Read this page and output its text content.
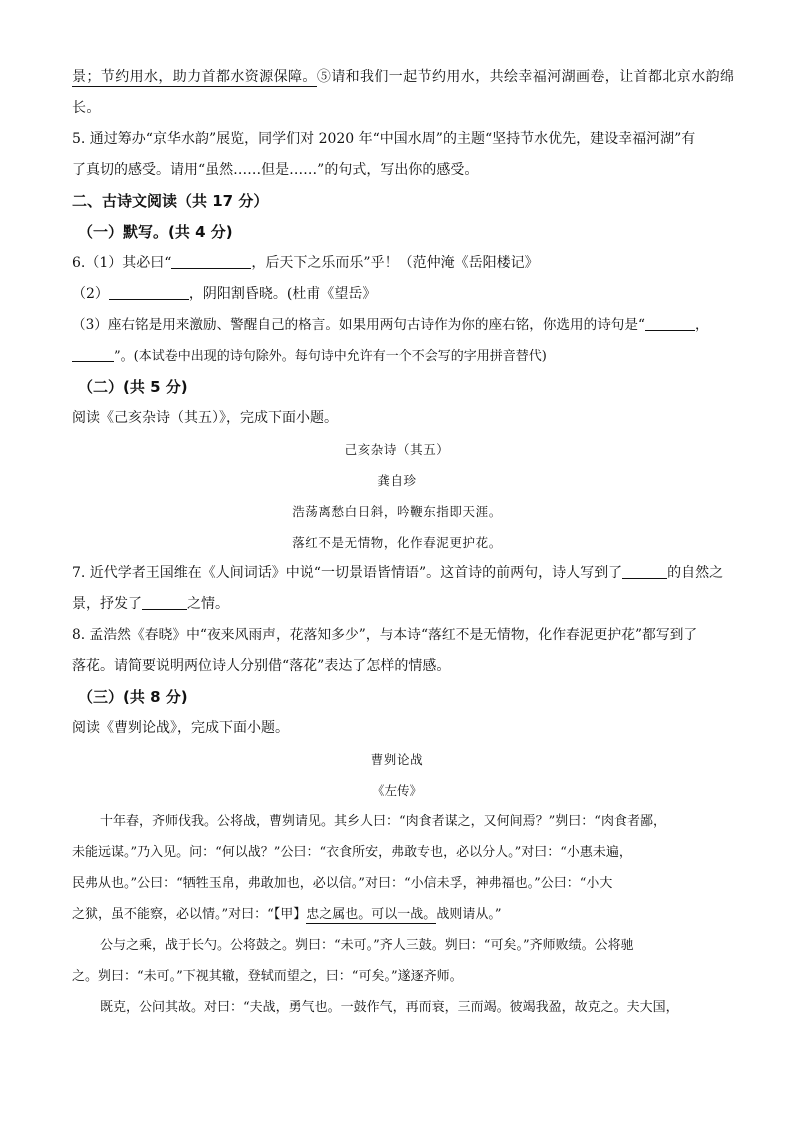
景；节约用水，助力首都水资源保障。⑤请和我们一起节约用水，共绘幸福河湖画卷，让首都北京水韵绵
长。
5. 通过筹办“京华水韵”展览，同学们对 2020 年“中国水周”的主题“坚持节水优先，建设幸福河湖”有
了真切的感受。请用“虽然……但是……”的句式，写出你的感受。
二、古诗文阅读（共 17 分）
（一）默写。(共 4 分)
6.（1）其必曰“	，后天下之乐而乐”乎！（范仲淹《岳阳楼记》
（2）	，阴阳割昏晓。(杜甫《望岳》
（3）座右铭是用来激励、警醒自己的格言。如果用两句古诗作为你的座右铭，你选用的诗句是“	，
”。(本试卷中出现的诗句除外。每句诗中允许有一个不会写的字用拼音替代)
（二）(共 5 分)
阅读《己亥杂诗（其五）》，完成下面小题。
己亥杂诗（其五）
龚自珍
浩荡离愁白日斜，吟鞭东指即天涯。
落红不是无情物，化作春泥更护花。
7. 近代学者王国维在《人间词话》中说“一切景语皆情语”。这首诗的前两句，诗人写到了	的自然之
景，抒发了	之情。
8. 孟浩然《春晓》中“夜来风雨声，花落知多少”，与本诗“落红不是无情物，化作春泥更护花”都写到了
落花。请简要说明两位诗人分别借“落花”表达了怎样的情感。
（三）(共 8 分)
阅读《曹刿论战》，完成下面小题。
曹刿论战
《左传》
十年春，齐师伐我。公将战，曹刿请见。其乡人曰：“肉食者谋之，又何间焉？”刿曰：“肉食者鄙，
未能远谋。”乃入见。问：“何以战？”公曰：“衣食所安，弗敢专也，必以分人。”对曰：“小惠未遍，
民弗从也。”公曰：“牺牲玉帛，弗敢加也，必以信。”对曰：“小信未孚，神弗福也。”公曰：“小大
之狱，虽不能察，必以情。”对曰：“【甲】忠之属也。可以一战。战则请从。”
公与之乘，战于长勺。公将鼓之。刿曰：“未可。”齐人三鼓。刿曰：“可矣。”齐师败绩。公将驰
之。刿曰：“未可。”下视其辙，登轼而望之，曰：“可矣。”遂逐齐师。
既克，公问其故。对曰：“夫战，勇气也。一鼓作气，再而衰，三而竭。彼竭我盈，故克之。夫大国，
